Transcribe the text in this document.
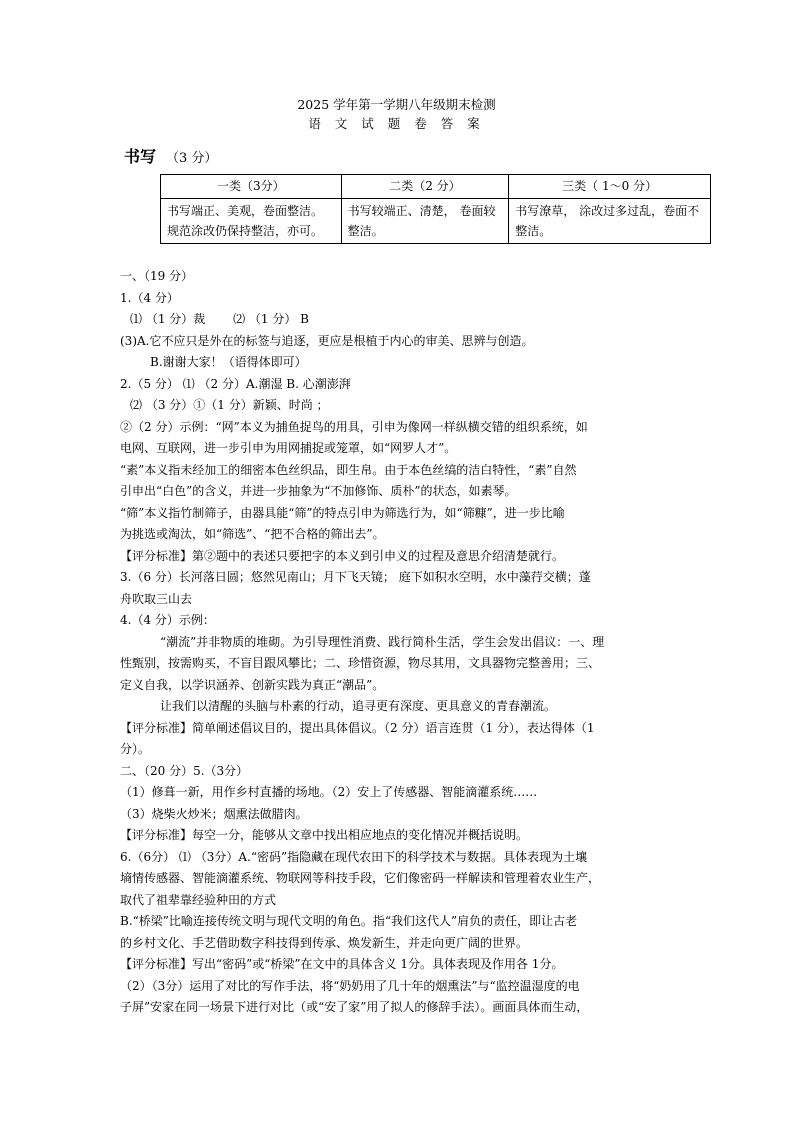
2025 学年第一学期八年级期末检测
语 文 试 题 卷 答 案
书写 （3 分）
一类（3分）	二类（2 分）	三类（ 1～0 分）
书写端正、美观，卷面整洁。规范涂改仍保持整洁，亦可。	书写较端正、清楚， 卷面较整洁。	书写潦草， 涂改过多过乱，卷面不整洁。

一、（19 分）

1.（4 分）

⑴ （1 分）裁　　 ⑵ （1 分） B

(3)A.它不应只是外在的标签与追逐，更应是根植于内心的审美、思辨与创造。

B.谢谢大家！（语得体即可）

2.（5 分） ⑴ （2 分）A.潮湿 B. 心潮澎湃

⑵ （3 分）①（1 分）新颖、时尚 ；

②（2 分）示例：“网”本义为捕鱼捉鸟的用具，引申为像网一样纵横交错的组织系统，如

电网、互联网，进一步引申为用网捕捉或笼罩，如“网罗人才”。

“素”本义指未经加工的细密本色丝织品，即生帛。由于本色丝缟的洁白特性，“素”自然

引申出“白色”的含义，并进一步抽象为“不加修饰、质朴”的状态，如素琴。

“筛”本义指竹制筛子，由器具能“筛”的特点引申为筛选行为，如“筛糠”，进一步比喻

为挑选或淘汰，如“筛选”、“把不合格的筛出去”。

【评分标准】第②题中的表述只要把字的本义到引申义的过程及意思介绍清楚就行。

3.（6 分）长河落日圆；悠然见南山；月下飞天镜； 庭下如积水空明，水中藻荇交横；蓬

舟吹取三山去

4.（4 分）示例：

“潮流”并非物质的堆砌。为引导理性消费、践行简朴生活，学生会发出倡议：一、理

性甄别，按需购买，不盲目跟风攀比；二、珍惜资源，物尽其用，文具器物完整善用；三、

定义自我，以学识涵养、创新实践为真正“潮品”。

让我们以清醒的头脑与朴素的行动，追寻更有深度、更具意义的青春潮流。

【评分标准】简单阐述倡议目的，提出具体倡议。（2 分）语言连贯（1 分），表达得体（1

分）。

二、（20 分）5.（3分）

（1）修葺一新，用作乡村直播的场地。（2）安上了传感器、智能滴灌系统……

（3）烧柴火炒米；烟熏法做腊肉。

【评分标准】每空一分，能够从文章中找出相应地点的变化情况并概括说明。

6.（6分） ⑴ （3分）A.“密码”指隐藏在现代农田下的科学技术与数据。具体表现为土壤

墒情传感器、智能滴灌系统、物联网等科技手段，它们像密码一样解读和管理着农业生产，

取代了祖辈靠经验种田的方式

B.“桥梁”比喻连接传统文明与现代文明的角色。指“我们这代人”肩负的责任，即让古老

的乡村文化、手艺借助数字科技得到传承、焕发新生，并走向更广阔的世界。

【评分标准】写出“密码”或“桥梁”在文中的具体含义 1分。具体表现及作用各 1分。

（2）（3分）运用了对比的写作手法，将“奶奶用了几十年的烟熏法”与“监控温湿度的电

子屏”安家在同一场景下进行对比（或“安了家”用了拟人的修辞手法）。画面具体而生动，
